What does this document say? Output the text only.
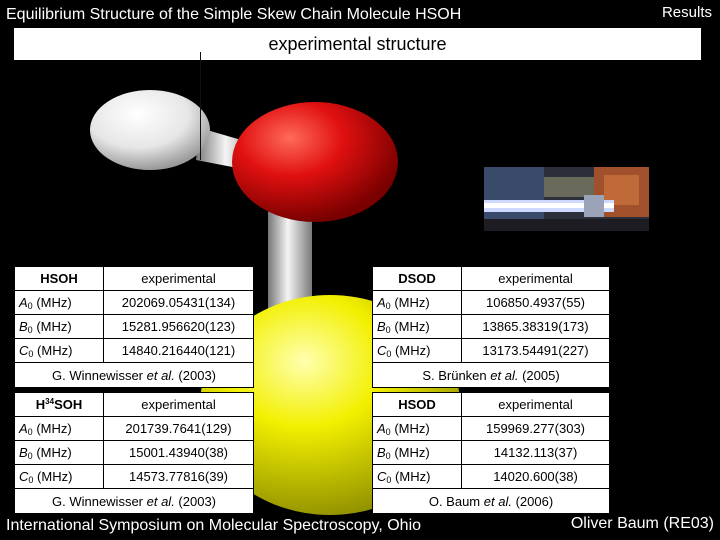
Equilibrium Structure of the Simple Skew Chain Molecule HSOH	Results
experimental structure
HSOH	experimental
$A_0$ (MHz)	202069.05431(134)
$B_0$ (MHz)	15281.956620(123)
$C_0$ (MHz)	14840.216440(121)
G. Winnewisser et al. (2003)	
DSOD	experimental
$A_0$ (MHz)	106850.4937(55)
$B_0$ (MHz)	13865.38319(173)
$C_0$ (MHz)	13173.54491(227)
S. Brünken et al. (2005)	
$H^{34}SOH$	experimental
$A_0$ (MHz)	201739.7641(129)
$B_0$ (MHz)	15001.43940(38)
$C_0$ (MHz)	14573.77816(39)
G. Winnewisser et al. (2003)	
HSOD	experimental
$A_0$ (MHz)	159969.277(303)
$B_0$ (MHz)	14132.113(37)
$C_0$ (MHz)	14020.600(38)
O. Baum et al. (2006)	
International Symposium on Molecular Spectroscopy, Ohio	Oliver Baum (RE03)
